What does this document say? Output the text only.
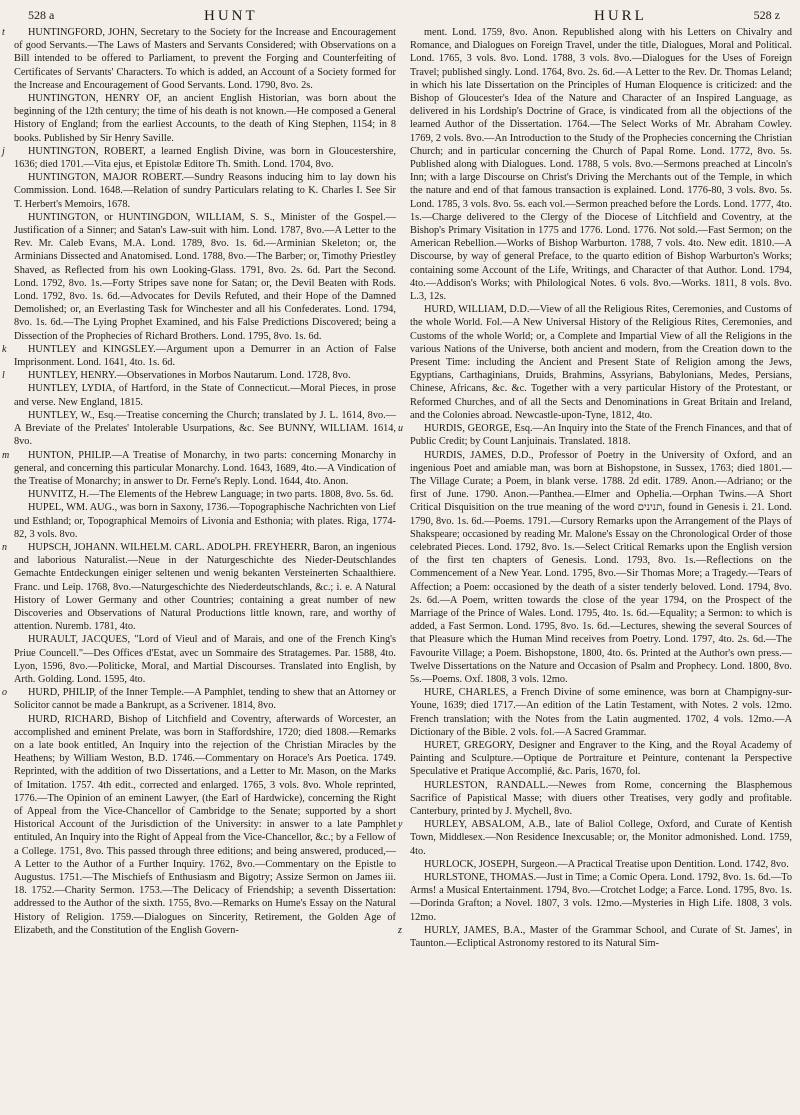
528 a	HUNT	HURL	528 z

t HUNTINGFORD, JOHN, Secretary to the Society for the Increase and Encouragement of good Servants.—The Laws of Masters and Servants Considered; with Observations on a Bill intended to be offered to Parliament, to prevent the Forging and Counterfeiting of Certificates of Servants' Characters. To which is added, an Account of a Society formed for the Increase and Encouragement of Good Servants. Lond. 1790, 8vo. 2s.

HUNTINGTON, HENRY OF, an ancient English Historian, was born about the beginning of the 12th century; the time of his death is not known.—He composed a General History of England; from the earliest Accounts, to the death of King Stephen, 1154; in 8 books. Published by Sir Henry Saville.

j HUNTINGTON, ROBERT, a learned English Divine, was born in Gloucestershire, 1636; died 1701.—Vita ejus, et Epistolæ Editore Th. Smith. Lond. 1704, 8vo.

HUNTINGTON, MAJOR ROBERT.—Sundry Reasons inducing him to lay down his Commission. Lond. 1648.—Relation of sundry Particulars relating to K. Charles I. See Sir T. Herbert's Memoirs, 1678.

HUNTINGTON, or HUNTINGDON, WILLIAM, S. S., Minister of the Gospel.—Justification of a Sinner; and Satan's Law-suit with him. Lond. 1787, 8vo.—A Letter to the Rev. Mr. Caleb Evans, M.A. Lond. 1789, 8vo. 1s. 6d.—Arminian Skeleton; or, the Arminians Dissected and Anatomised. Lond. 1788, 8vo.—The Barber; or, Timothy Priestley Shaved, as Reflected from his own Looking-Glass. 1791, 8vo. 2s. 6d. Part the Second. Lond. 1792, 8vo. 1s.—Forty Stripes save none for Satan; or, the Devil Beaten with Rods. Lond. 1792, 8vo. 1s. 6d.—Advocates for Devils Refuted, and their Hope of the Damned Demolished; or, an Everlasting Task for Winchester and all his Confederates. Lond. 1794, 8vo. 1s. 6d.—The Lying Prophet Examined, and his False Predictions Discovered; being a Dissection of the Prophecies of Richard Brothers. Lond. 1795, 8vo. 1s. 6d.

k HUNTLEY and KINGSLEY.—Argument upon a Demurrer in an Action of False Imprisonment. Lond. 1641, 4to. 1s. 6d.

l HUNTLEY, HENRY.—Observationes in Morbos Nautarum. Lond. 1728, 8vo.

HUNTLEY, LYDIA, of Hartford, in the State of Connecticut.—Moral Pieces, in prose and verse. New England, 1815.

HUNTLEY, W., Esq.—Treatise concerning the Church; translated by J. L. 1614, 8vo.—A Breviate of the Prelates' Intolerable Usurpations, &c. See BUNNY, WILLIAM. 1614, 8vo.

m HUNTON, PHILIP.—A Treatise of Monarchy, in two parts: concerning Monarchy in general, and concerning this particular Monarchy. Lond. 1643, 1689, 4to.—A Vindication of the Treatise of Monarchy; in answer to Dr. Ferne's Reply. Lond. 1644, 4to. Anon.

HUNVITZ, H.—The Elements of the Hebrew Language; in two parts. 1808, 8vo. 5s. 6d.

HUPEL, WM. AUG., was born in Saxony, 1736.—Topographische Nachrichten von Lief und Esthland; or, Topographical Memoirs of Livonia and Esthonia; with plates. Riga, 1774-82, 3 vols. 8vo.

n HUPSCH, JOHANN. WILHELM. CARL. ADOLPH. FREYHERR, Baron, an ingenious and laborious Naturalist.—Neue in der Naturgeschichte des Nieder-Deutschlandes Gemachte Entdeckungen einiger seltenen und wenig bekanten Versteinerten Schaalthiere. Franc. und Leip. 1768, 8vo.—Naturgeschichte des Niederdeutschlands, &c.; i. e. A Natural History of Lower Germany and other Countries; containing a great number of new Discoveries and Observations of Natural Productions little known, rare, and worthy of attention. Nuremb. 1781, 4to.

HURAULT, JACQUES, "Lord of Vieul and of Marais, and one of the French King's Priue Councell."—Des Offices d'Estat, avec un Sommaire des Stratagemes. Par. 1588, 4to. Lyon, 1596, 8vo.—Politicke, Moral, and Martial Discourses. Translated into English, by Arth. Golding. Lond. 1595, 4to.

o HURD, PHILIP, of the Inner Temple.—A Pamphlet, tending to shew that an Attorney or Solicitor cannot be made a Bankrupt, as a Scrivener. 1814, 8vo.

HURD, RICHARD, Bishop of Litchfield and Coventry, afterwards of Worcester, an accomplished and eminent Prelate, was born in Staffordshire, 1720; died 1808.—Remarks on a late book entitled, An Inquiry into the rejection of the Christian Miracles by the Heathens; by William Weston, B.D. 1746.—Commentary on Horace's Ars Poetica. 1749. Reprinted, with the addition of two Dissertations, and a Letter to Mr. Mason, on the Marks of Imitation. 1757. 4th edit., corrected and enlarged. 1765, 3 vols. 8vo. Whole reprinted, 1776.—The Opinion of an eminent Lawyer, (the Earl of Hardwicke), concerning the Right of Appeal from the Vice-Chancellor of Cambridge to the Senate; supported by a short Historical Account of the Jurisdiction of the University: in answer to a late Pamphlet entituled, An Inquiry into the Right of Appeal from the Vice-Chancellor, &c.; by a Fellow of a College. 1751, 8vo. This passed through three editions; and being answered, produced,—A Letter to the Author of a Further Inquiry. 1762, 8vo.—Commentary on the Epistle to Augustus. 1751.—The Mischiefs of Enthusiasm and Bigotry; Assize Sermon on James iii. 18. 1752.—Charity Sermon. 1753.—The Delicacy of Friendship; a seventh Dissertation: addressed to the Author of the sixth. 1755, 8vo.—Remarks on Hume's Essay on the Natural History of Religion. 1759.—Dialogues on Sincerity, Retirement, the Golden Age of Elizabeth, and the Constitution of the English Govern-

ment. Lond. 1759, 8vo. Anon. Republished along with his Letters on Chivalry and Romance, and Dialogues on Foreign Travel, under the title, Dialogues, Moral and Political. Lond. 1765, 3 vols. 8vo. Lond. 1788, 3 vols. 8vo.—Dialogues for the Uses of Foreign Travel; published singly. Lond. 1764, 8vo. 2s. 6d.—A Letter to the Rev. Dr. Thomas Leland; in which his late Dissertation on the Principles of Human Eloquence is criticized: and the Bishop of Gloucester's Idea of the Nature and Character of an Inspired Language, as delivered in his Lordship's Doctrine of Grace, is vindicated from all the objections of the learned Author of the Dissertation. 1764.—The Select Works of Mr. Abraham Cowley. 1769, 2 vols. 8vo.—An Introduction to the Study of the Prophecies concerning the Christian Church; and in particular concerning the Church of Papal Rome. Lond. 1772, 8vo. 5s. Published along with Dialogues. Lond. 1788, 5 vols. 8vo.—Sermons preached at Lincoln's Inn; with a large Discourse on Christ's Driving the Merchants out of the Temple, in which the nature and end of that famous transaction is explained. Lond. 1776-80, 3 vols. 8vo. 5s. Lond. 1785, 3 vols. 8vo. 5s. each vol.—Sermon preached before the Lords. Lond. 1777, 4to. 1s.—Charge delivered to the Clergy of the Diocese of Litchfield and Coventry, at the Bishop's Primary Visitation in 1775 and 1776. Lond. 1776. Not sold.—Fast Sermon; on the American Rebellion.—Works of Bishop Warburton. 1788, 7 vols. 4to. New edit. 1810.—A Discourse, by way of general Preface, to the quarto edition of Bishop Warburton's Works; containing some Account of the Life, Writings, and Character of that Author. Lond. 1794, 4to.—Addison's Works; with Philological Notes. 6 vols. 8vo.—Works. 1811, 8 vols. 8vo. L.3, 12s.

HURD, WILLIAM, D.D.—View of all the Religious Rites, Ceremonies, and Customs of the whole World. Fol.—A New Universal History of the Religious Rites, Ceremonies, and Customs of the whole World; or, a Complete and Impartial View of all the Religions in the various Nations of the Universe, both ancient and modern, from the Creation down to the Present Time: including the Ancient and Present State of Religion among the Jews, Egyptians, Carthaginians, Druids, Brahmins, Assyrians, Babylonians, Medes, Persians, Chinese, Africans, &c. &c. Together with a very particular History of the Protestant, or Reformed Churches, and of all the Sects and Denominations in Great Britain and Ireland, and the Colonies abroad. Newcastle-upon-Tyne, 1812, 4to.

u HURDIS, GEORGE, Esq.—An Inquiry into the State of the French Finances, and that of Public Credit; by Count Lanjuinais. Translated. 1818.

HURDIS, JAMES, D.D., Professor of Poetry in the University of Oxford, and an ingenious Poet and amiable man, was born at Bishopstone, in Sussex, 1763; died 1801.—The Village Curate; a Poem, in blank verse. 1788. 2d edit. 1789. Anon.—Adriano; or the first of June. 1790. Anon.—Panthea.—Elmer and Ophelia.—Orphan Twins.—A Short Critical Disquisition on the true meaning of the word תנינים, found in Genesis i. 21. Lond. 1790, 8vo. 1s. 6d.—Poems. 1791.—Cursory Remarks upon the Arrangement of the Plays of Shakspeare; occasioned by reading Mr. Malone's Essay on the Chronological Order of those celebrated Pieces. Lond. 1792, 8vo. 1s.—Select Critical Remarks upon the English version of the first ten chapters of Genesis. Lond. 1793, 8vo. 1s.—Reflections on the Commencement of a New Year. Lond. 1795, 8vo.—Sir Thomas More; a Tragedy.—Tears of Affection; a Poem: occasioned by the death of a sister tenderly beloved. Lond. 1794, 8vo. 2s. 6d.—A Poem, written towards the close of the year 1794, on the Prospect of the Marriage of the Prince of Wales. Lond. 1795, 4to. 1s. 6d.—Equality; a Sermon: to which is added, a Fast Sermon. Lond. 1795, 8vo. 1s. 6d.—Lectures, shewing the several Sources of that Pleasure which the Human Mind receives from Poetry. Lond. 1797, 4to. 2s. 6d.—The Favourite Village; a Poem. Bishopstone, 1800, 4to. 6s. Printed at the Author's own press.—Twelve Dissertations on the Nature and Occasion of Psalm and Prophecy. Lond. 1800, 8vo. 5s.—Poems. Oxf. 1808, 3 vols. 12mo.

HURE, CHARLES, a French Divine of some eminence, was born at Champigny-sur-Youne, 1639; died 1717.—An edition of the Latin Testament, with Notes. 2 vols. 12mo. French translation; with the Notes from the Latin augmented. 1702, 4 vols. 12mo.—A Dictionary of the Bible. 2 vols. fol.—A Sacred Grammar.

HURET, GREGORY, Designer and Engraver to the King, and the Royal Academy of Painting and Sculpture.—Optique de Portraiture et Peinture, contenant la Perspective Speculative et Pratique Accomplié, &c. Paris, 1670, fol.

HURLESTON, RANDALL.—Newes from Rome, concerning the Blasphemous Sacrifice of Papistical Masse; with diuers other Treatises, very godly and profitable. Canterbury, printed by J. Mychell, 8vo.

y HURLEY, ABSALOM, A.B., late of Baliol College, Oxford, and Curate of Kentish Town, Middlesex.—Non Residence Inexcusable; or, the Monitor admonished. Lond. 1759, 4to.

HURLOCK, JOSEPH, Surgeon.—A Practical Treatise upon Dentition. Lond. 1742, 8vo.

HURLSTONE, THOMAS.—Just in Time; a Comic Opera. Lond. 1792, 8vo. 1s. 6d.—To Arms! a Musical Entertainment. 1794, 8vo.—Crotchet Lodge; a Farce. Lond. 1795, 8vo. 1s.—Dorinda Grafton; a Novel. 1807, 3 vols. 12mo.—Mysteries in High Life. 1808, 3 vols. 12mo.

z HURLY, JAMES, B.A., Master of the Grammar School, and Curate of St. James', in Taunton.—Ecliptical Astronomy restored to its Natural Sim-
